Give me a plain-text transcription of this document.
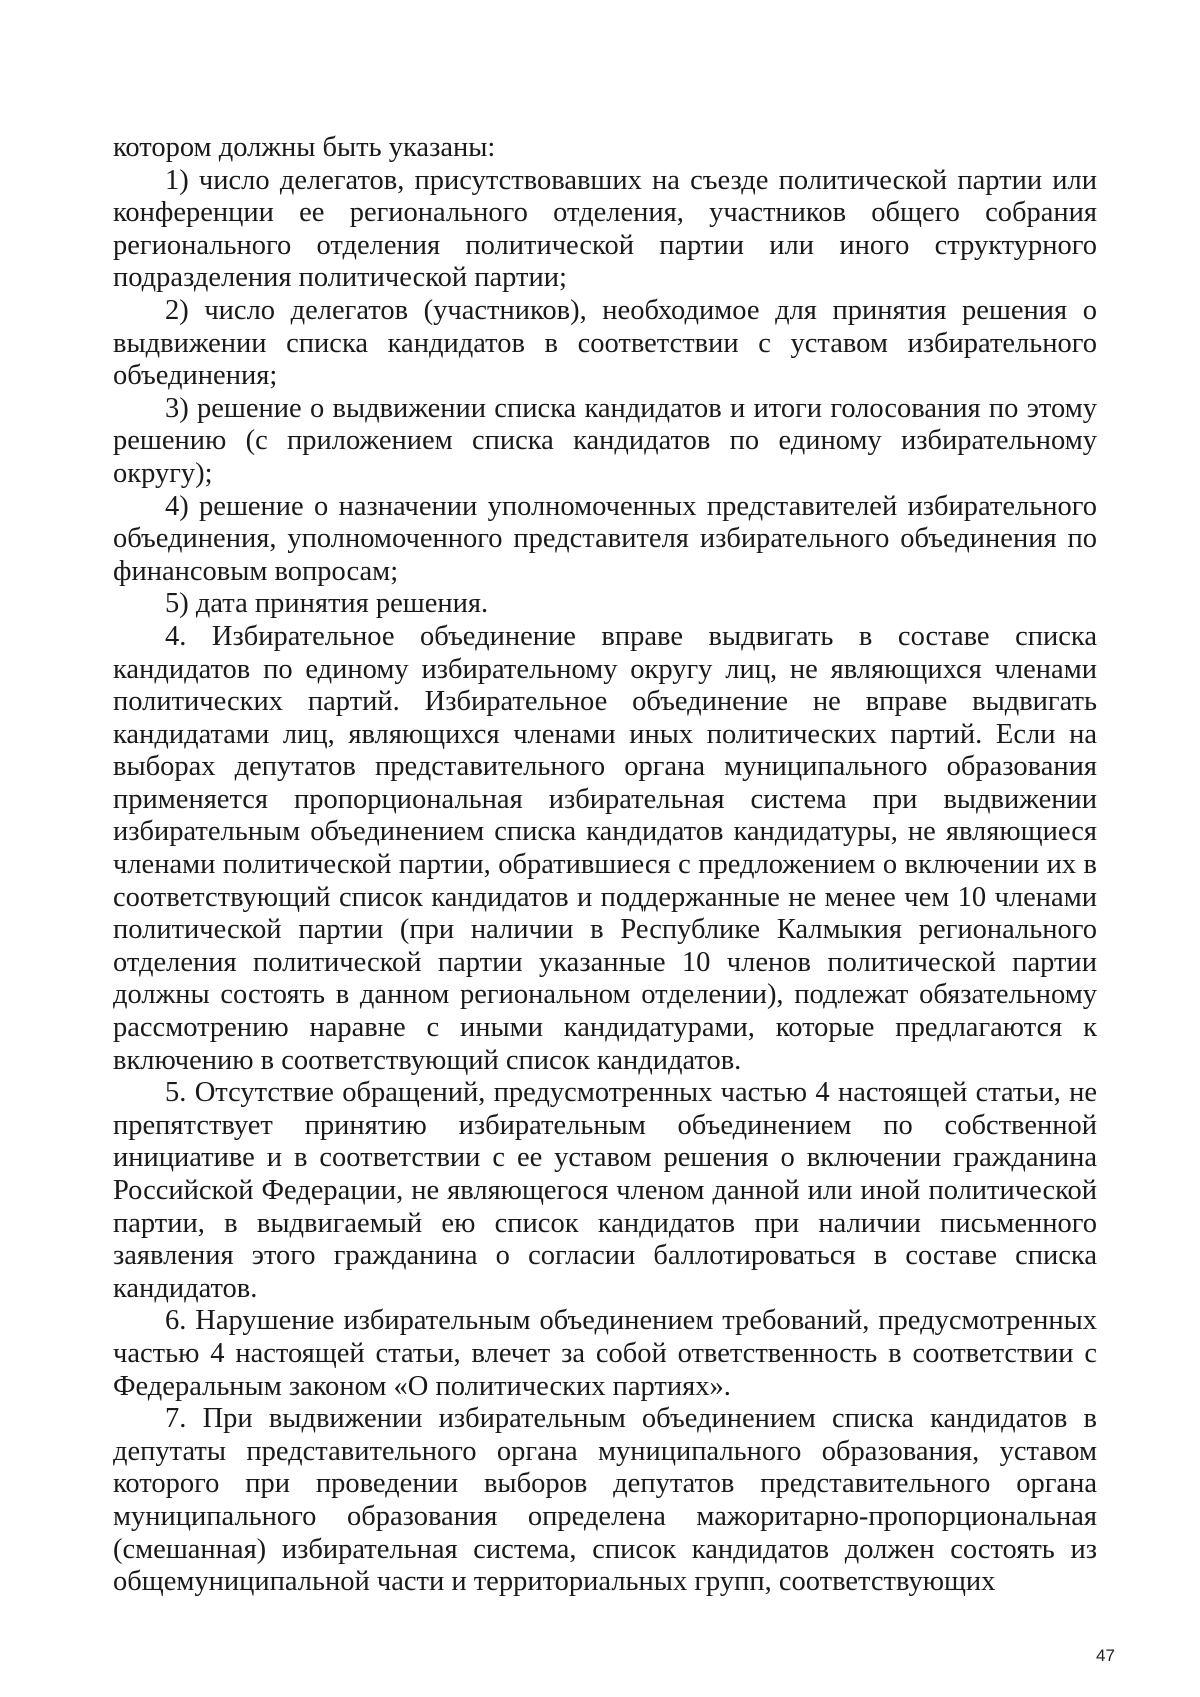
котором должны быть указаны:

1) число делегатов, присутствовавших на съезде политической партии или конференции ее регионального отделения, участников общего собрания регионального отделения политической партии или иного структурного подразделения политической партии;

2) число делегатов (участников), необходимое для принятия решения о выдвижении списка кандидатов в соответствии с уставом избирательного объединения;

3) решение о выдвижении списка кандидатов и итоги голосования по этому решению (с приложением списка кандидатов по единому избирательному округу);

4) решение о назначении уполномоченных представителей избирательного объединения, уполномоченного представителя избирательного объединения по финансовым вопросам;

5) дата принятия решения.

4. Избирательное объединение вправе выдвигать в составе списка кандидатов по единому избирательному округу лиц, не являющихся членами политических партий. Избирательное объединение не вправе выдвигать кандидатами лиц, являющихся членами иных политических партий. Если на выборах депутатов представительного органа муниципального образования применяется пропорциональная избирательная система при выдвижении избирательным объединением списка кандидатов кандидатуры, не являющиеся членами политической партии, обратившиеся с предложением о включении их в соответствующий список кандидатов и поддержанные не менее чем 10 членами политической партии (при наличии в Республике Калмыкия регионального отделения политической партии указанные 10 членов политической партии должны состоять в данном региональном отделении), подлежат обязательному рассмотрению наравне с иными кандидатурами, которые предлагаются к включению в соответствующий список кандидатов.

5. Отсутствие обращений, предусмотренных частью 4 настоящей статьи, не препятствует принятию избирательным объединением по собственной инициативе и в соответствии с ее уставом решения о включении гражданина Российской Федерации, не являющегося членом данной или иной политической партии, в выдвигаемый ею список кандидатов при наличии письменного заявления этого гражданина о согласии баллотироваться в составе списка кандидатов.

6. Нарушение избирательным объединением требований, предусмотренных частью 4 настоящей статьи, влечет за собой ответственность в соответствии с Федеральным законом «О политических партиях».

7. При выдвижении избирательным объединением списка кандидатов в депутаты представительного органа муниципального образования, уставом которого при проведении выборов депутатов представительного органа муниципального образования определена мажоритарно-пропорциональная (смешанная) избирательная система, список кандидатов должен состоять из общемуниципальной части и территориальных групп, соответствующих

47
